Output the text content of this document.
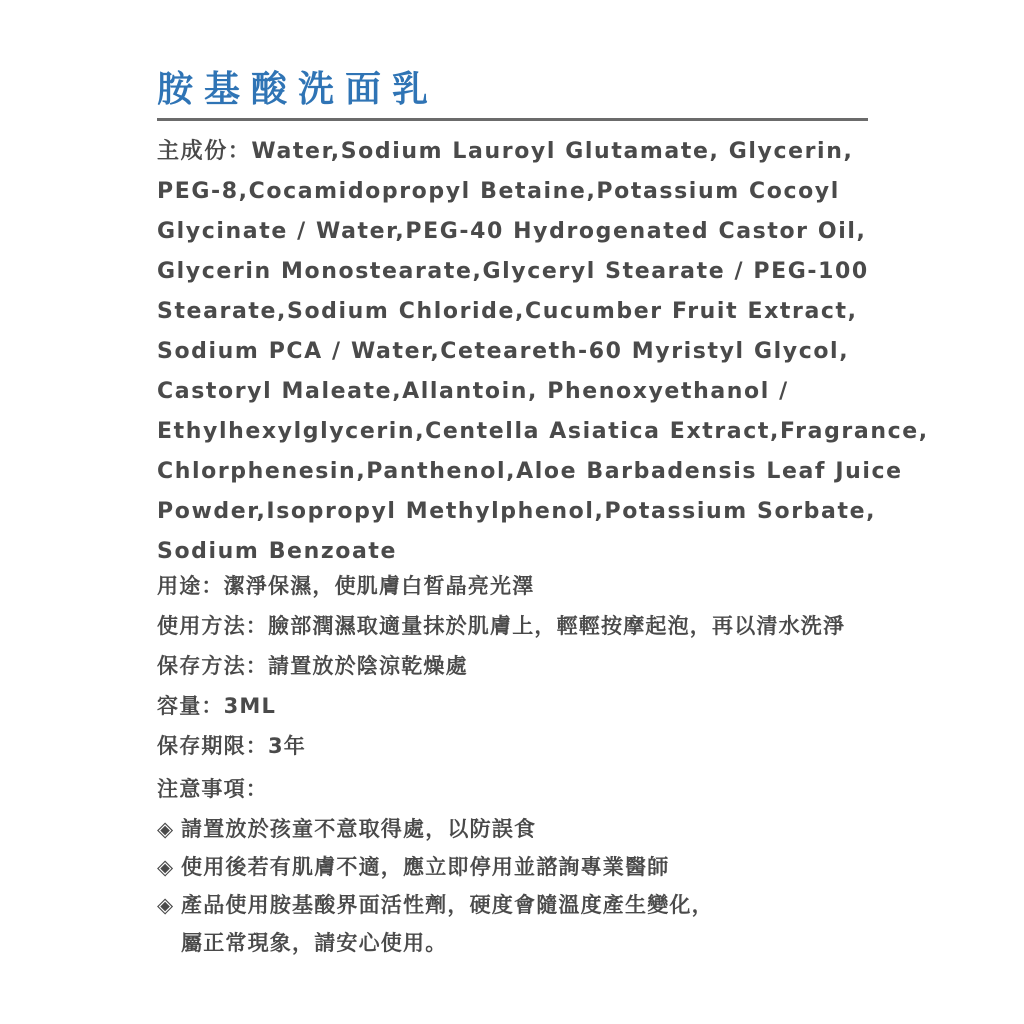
胺基酸洗面乳
主成份：Water,Sodium Lauroyl Glutamate, Glycerin,
PEG-8,Cocamidopropyl Betaine,Potassium Cocoyl
Glycinate / Water,PEG-40 Hydrogenated Castor Oil,
Glycerin Monostearate,Glyceryl Stearate / PEG-100
Stearate,Sodium Chloride,Cucumber Fruit Extract,
Sodium PCA / Water,Ceteareth-60 Myristyl Glycol,
Castoryl Maleate,Allantoin, Phenoxyethanol /
Ethylhexylglycerin,Centella Asiatica Extract,Fragrance,
Chlorphenesin,Panthenol,Aloe Barbadensis Leaf Juice
Powder,Isopropyl Methylphenol,Potassium Sorbate,
Sodium Benzoate
用途：潔淨保濕，使肌膚白晳晶亮光澤
使用方法：臉部潤濕取適量抹於肌膚上，輕輕按摩起泡，再以清水洗淨
保存方法：請置放於陰涼乾燥處
容量：3ML
保存期限：3年
注意事項：
◈ 請置放於孩童不意取得處，以防誤食
◈ 使用後若有肌膚不適，應立即停用並諮詢專業醫師
◈ 產品使用胺基酸界面活性劑，硬度會隨溫度產生變化，
屬正常現象，請安心使用。
